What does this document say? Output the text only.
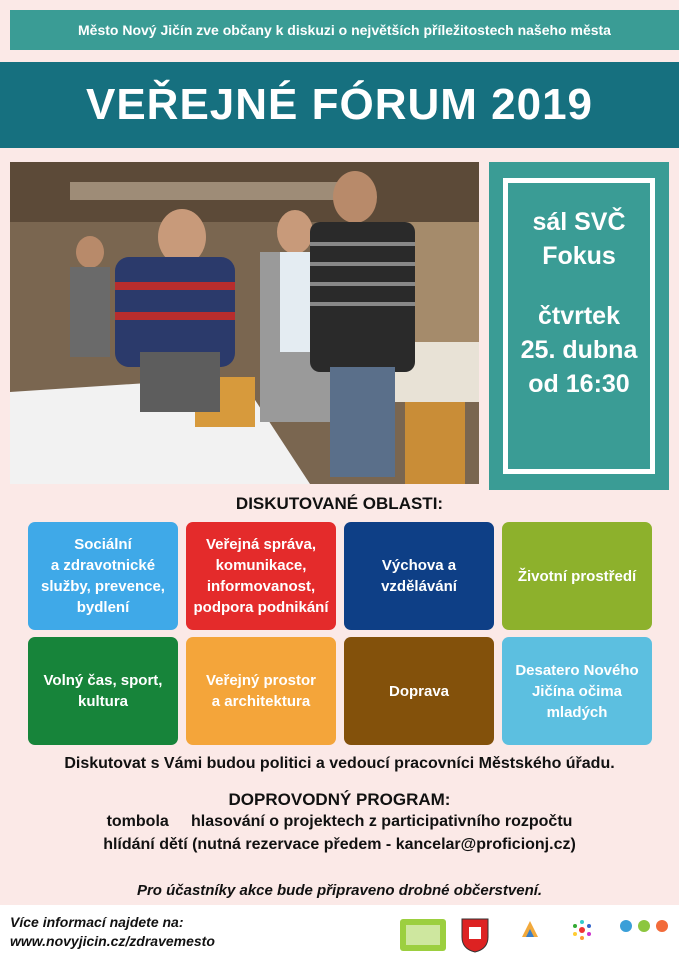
Město Nový Jičín zve občany k diskuzi o největších příležitostech našeho města
VEŘEJNÉ FÓRUM 2019
sál SVČ
Fokus
čtvrtek
25. dubna
od 16:30
DISKUTOVANÉ OBLASTI:
Sociální
a zdravotnické
služby, prevence,
bydlení
Veřejná správa,
komunikace,
informovanost,
podpora podnikání
Výchova a
vzdělávání
Životní prostředí
Volný čas, sport,
kultura
Veřejný prostor
a architektura
Doprava
Desatero Nového
Jičína očima
mladých
Diskutovat s Vámi budou politici a vedoucí pracovníci Městského úřadu.
DOPROVODNÝ PROGRAM:
tombola hlasování o projektech z participativního rozpočtu
hlídání dětí (nutná rezervace předem - kancelar@proficionj.cz)
Pro účastníky akce bude připraveno drobné občerstvení.
Více informací najdete na:
www.novyjicin.cz/zdravemesto
